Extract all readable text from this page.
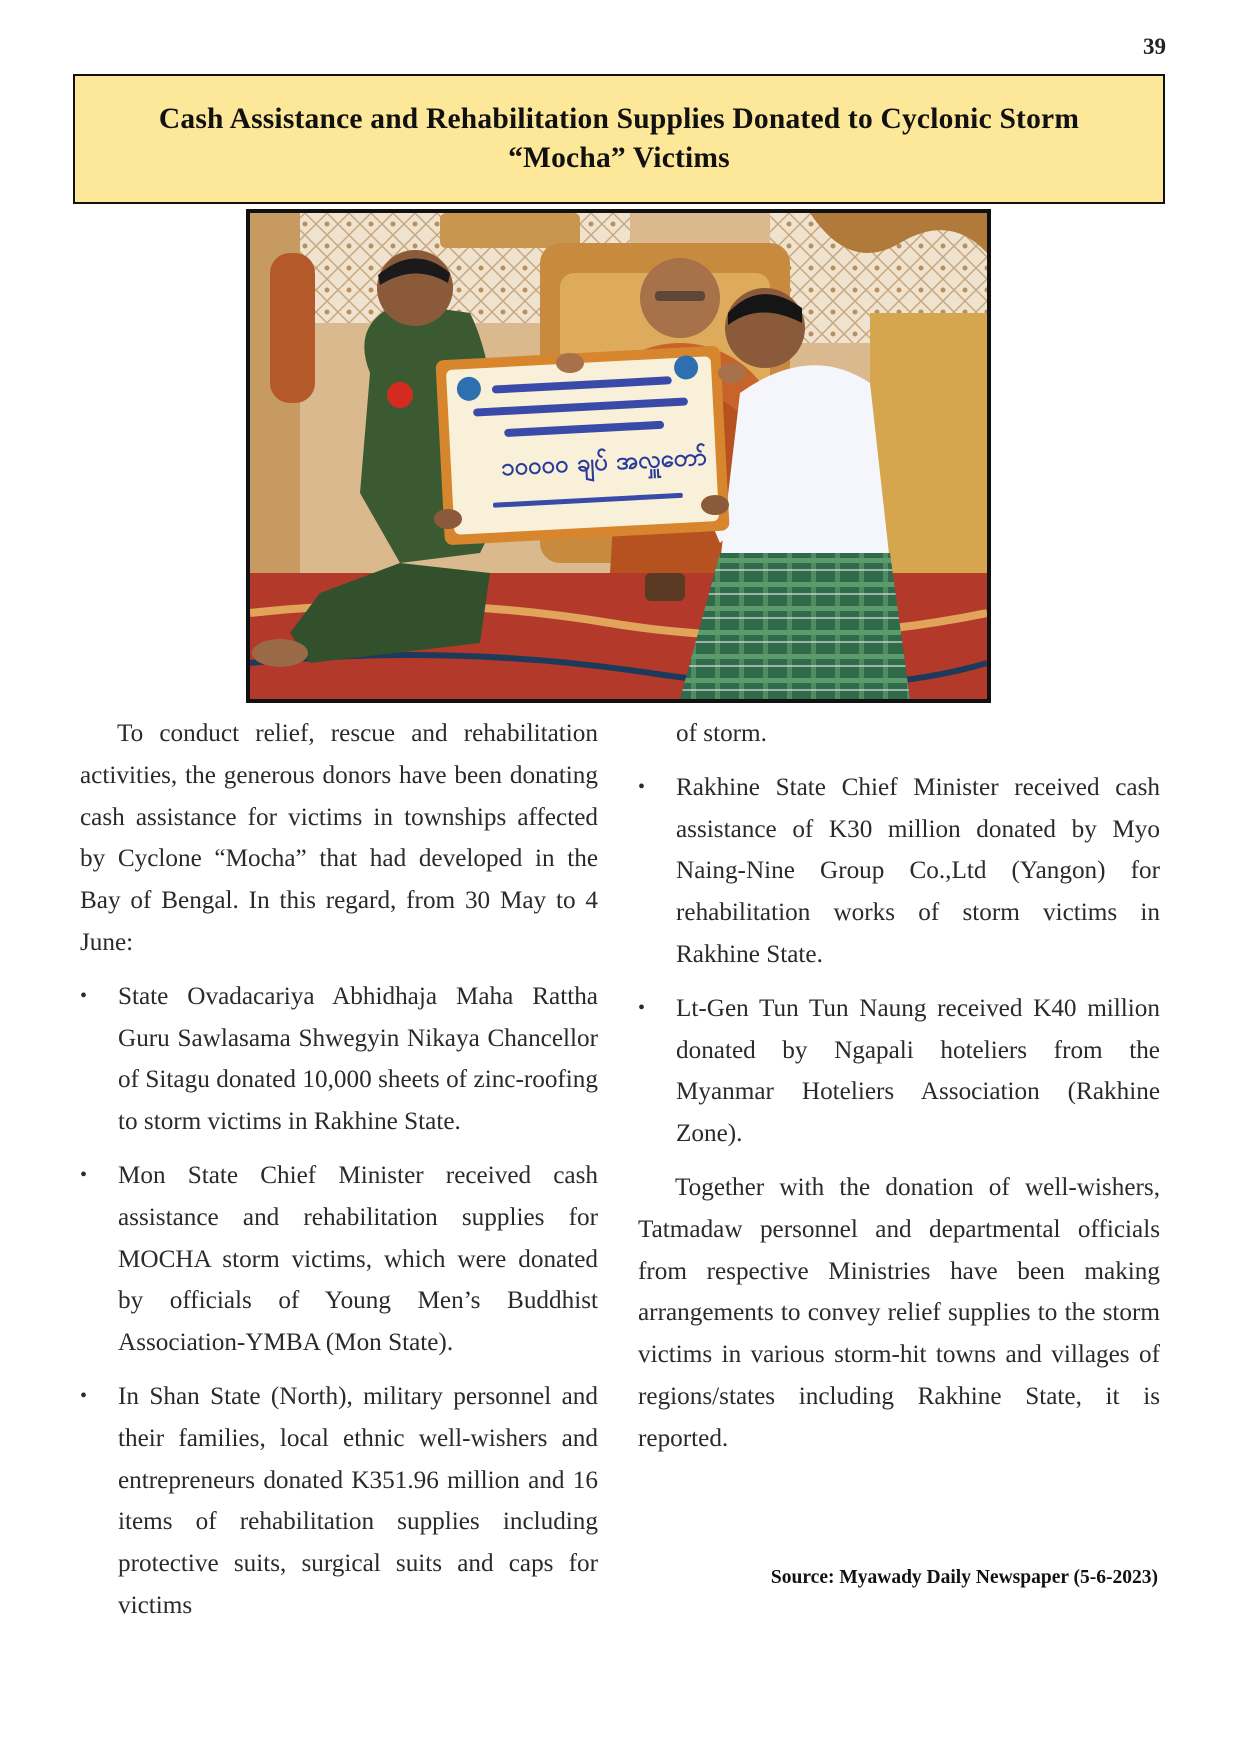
39
Cash Assistance and Rehabilitation Supplies Donated to Cyclonic Storm
“Mocha” Victims
၁၀၀၀၀ ချပ် အလှူတော်

To conduct relief, rescue and rehabilitation activities, the generous donors have been donating cash assistance for victims in townships affected by Cyclone “Mocha” that had developed in the Bay of Bengal. In this regard, from 30 May to 4 June:

• State Ovadacariya Abhidhaja Maha Rattha Guru Sawlasama Shwegyin Nikaya Chancellor of Sitagu donated 10,000 sheets of zinc-roofing to storm victims in Rakhine State.
• Mon State Chief Minister received cash assistance and rehabilitation supplies for MOCHA storm victims, which were donated by officials of Young Men’s Buddhist Association-YMBA (Mon State).
• In Shan State (North), military personnel and their families, local ethnic well-wishers and entrepreneurs donated K351.96 million and 16 items of rehabilitation supplies including protective suits, surgical suits and caps for victims
of storm.
• Rakhine State Chief Minister received cash assistance of K30 million donated by Myo Naing-Nine Group Co.,Ltd (Yangon) for rehabilitation works of storm victims in Rakhine State.
• Lt-Gen Tun Tun Naung received K40 million donated by Ngapali hoteliers from the Myanmar Hoteliers Association (Rakhine Zone).

Together with the donation of well-wishers, Tatmadaw personnel and departmental officials from respective Ministries have been making arrangements to convey relief supplies to the storm victims in various storm-hit towns and villages of regions/states including Rakhine State, it is reported.

Source: Myawady Daily Newspaper (5-6-2023)
